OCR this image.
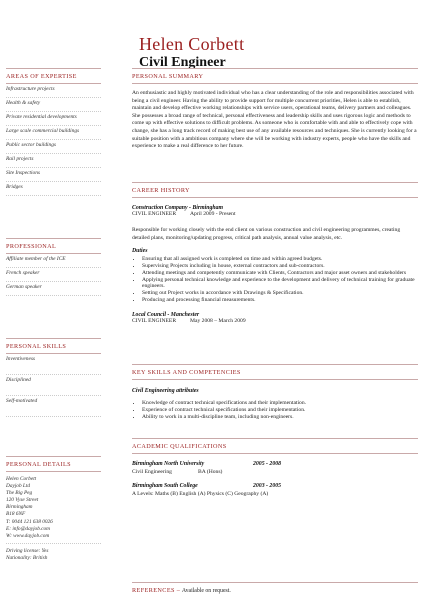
Helen Corbett
Civil Engineer
AREAS OF EXPERTISE
Infrastructure projects
Health & safety
Private residential developments
Large scale commercial buildings
Public sector buildings
Rail projects
Site Inspections
Bridges
PROFESSIONAL
Affiliate member of the ICE
French speaker
German speaker
PERSONAL SKILLS
Inventiveness
Disciplined
Self-motivated
PERSONAL DETAILS
Helen Corbett
Dayjob Ltd
The Big Peg
120 Vyse Street
Birmingham
B18 6NF
T: 0044 121 638 0026
E: info@dayjob.com
W: www.dayjob.com
Driving license: Yes
Nationality: British
PERSONAL SUMMARY
An enthusiastic and highly motivated individual who has a clear understanding of the role and responsibilities associated with being a civil engineer. Having the ability to provide support for multiple concurrent priorities, Helen is able to establish, maintain and develop effective working relationships with service users, operational teams, delivery partners and colleagues. She possesses a broad range of technical, personal effectiveness and leadership skills and uses rigorous logic and methods to come up with effective solutions to difficult problems. As someone who is comfortable with and able to effectively cope with change, she has a long track record of making best use of any available resources and techniques. She is currently looking for a suitable position with a ambitious company where she will be working with industry experts, people who have the skills and experience to make a real difference to her future.
CAREER HISTORY
Construction Company - Birmingham
CIVIL ENGINEER April 2009 - Present
Responsible for working closely with the end client on various construction and civil engineering programmes, creating detailed plans, monitoring/updating progress, critical path analysis, annual value analysis, etc.
Duties
• Ensuring that all assigned work is completed on time and within agreed budgets.
• Supervising Projects including in house, external contractors and sub-contractors.
• Attending meetings and competently communicate with Clients, Contractors and major asset owners and stakeholders
• Applying personal technical knowledge and experience to the development and delivery of technical training for graduate engineers.
• Setting out Project works in accordance with Drawings & Specification.
• Producing and processing financial measurements.
Local Council - Manchester
CIVIL ENGINEER May 2008 – March 2009
KEY SKILLS AND COMPETENCIES
Civil Engineering attributes
• Knowledge of contract technical specifications and their implementation.
• Experience of contract technical specifications and their implementation.
• Ability to work in a multi-discipline team, including non-engineers.
ACADEMIC QUALIFICATIONS
Birmingham North University	2005 - 2008
Civil Engineering	BA (Hons)
Birmingham South College	2003 - 2005
A Levels: Maths (B) English (A) Physics (C) Geography (A)
REFERENCES – Available on request.
